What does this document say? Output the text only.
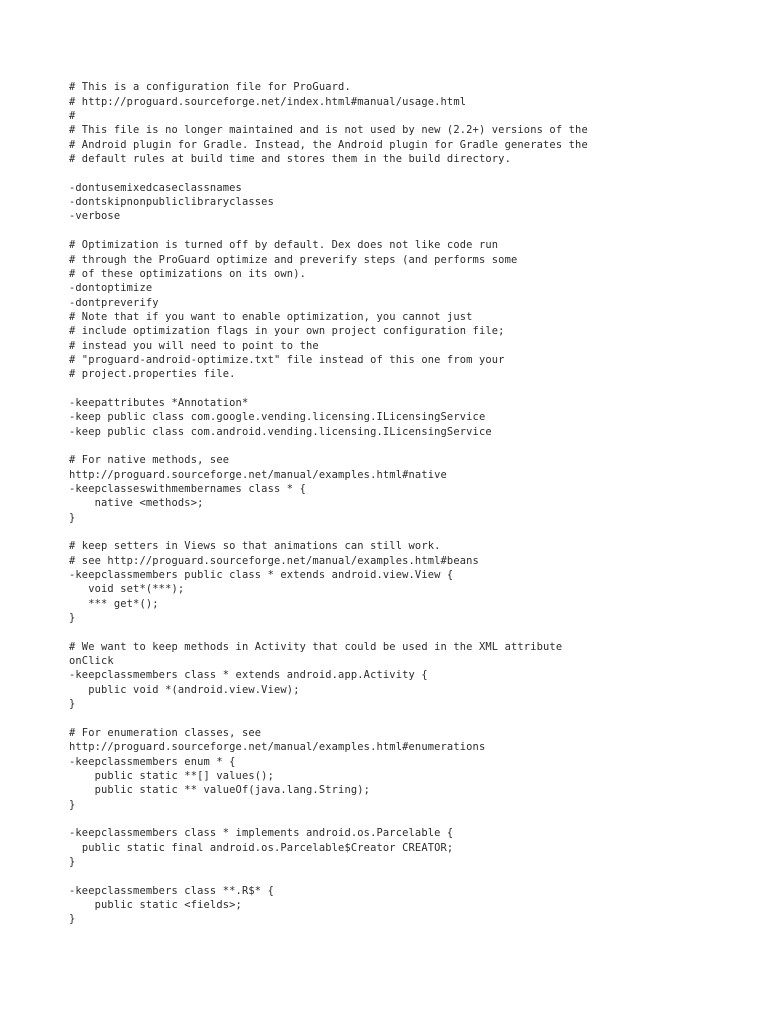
# This is a configuration file for ProGuard.
# http://proguard.sourceforge.net/index.html#manual/usage.html
#
# This file is no longer maintained and is not used by new (2.2+) versions of the
# Android plugin for Gradle. Instead, the Android plugin for Gradle generates the
# default rules at build time and stores them in the build directory.

-dontusemixedcaseclassnames
-dontskipnonpubliclibraryclasses
-verbose

# Optimization is turned off by default. Dex does not like code run
# through the ProGuard optimize and preverify steps (and performs some
# of these optimizations on its own).
-dontoptimize
-dontpreverify
# Note that if you want to enable optimization, you cannot just
# include optimization flags in your own project configuration file;
# instead you will need to point to the
# "proguard-android-optimize.txt" file instead of this one from your
# project.properties file.

-keepattributes *Annotation*
-keep public class com.google.vending.licensing.ILicensingService
-keep public class com.android.vending.licensing.ILicensingService

# For native methods, see
http://proguard.sourceforge.net/manual/examples.html#native
-keepclasseswithmembernames class * {
native <methods>;
}

# keep setters in Views so that animations can still work.
# see http://proguard.sourceforge.net/manual/examples.html#beans
-keepclassmembers public class * extends android.view.View {
void set*(***);
*** get*();
}

# We want to keep methods in Activity that could be used in the XML attribute
onClick
-keepclassmembers class * extends android.app.Activity {
public void *(android.view.View);
}

# For enumeration classes, see
http://proguard.sourceforge.net/manual/examples.html#enumerations
-keepclassmembers enum * {
public static **[] values();
public static ** valueOf(java.lang.String);
}

-keepclassmembers class * implements android.os.Parcelable {
public static final android.os.Parcelable$Creator CREATOR;
}

-keepclassmembers class **.R$* {
public static <fields>;
}
